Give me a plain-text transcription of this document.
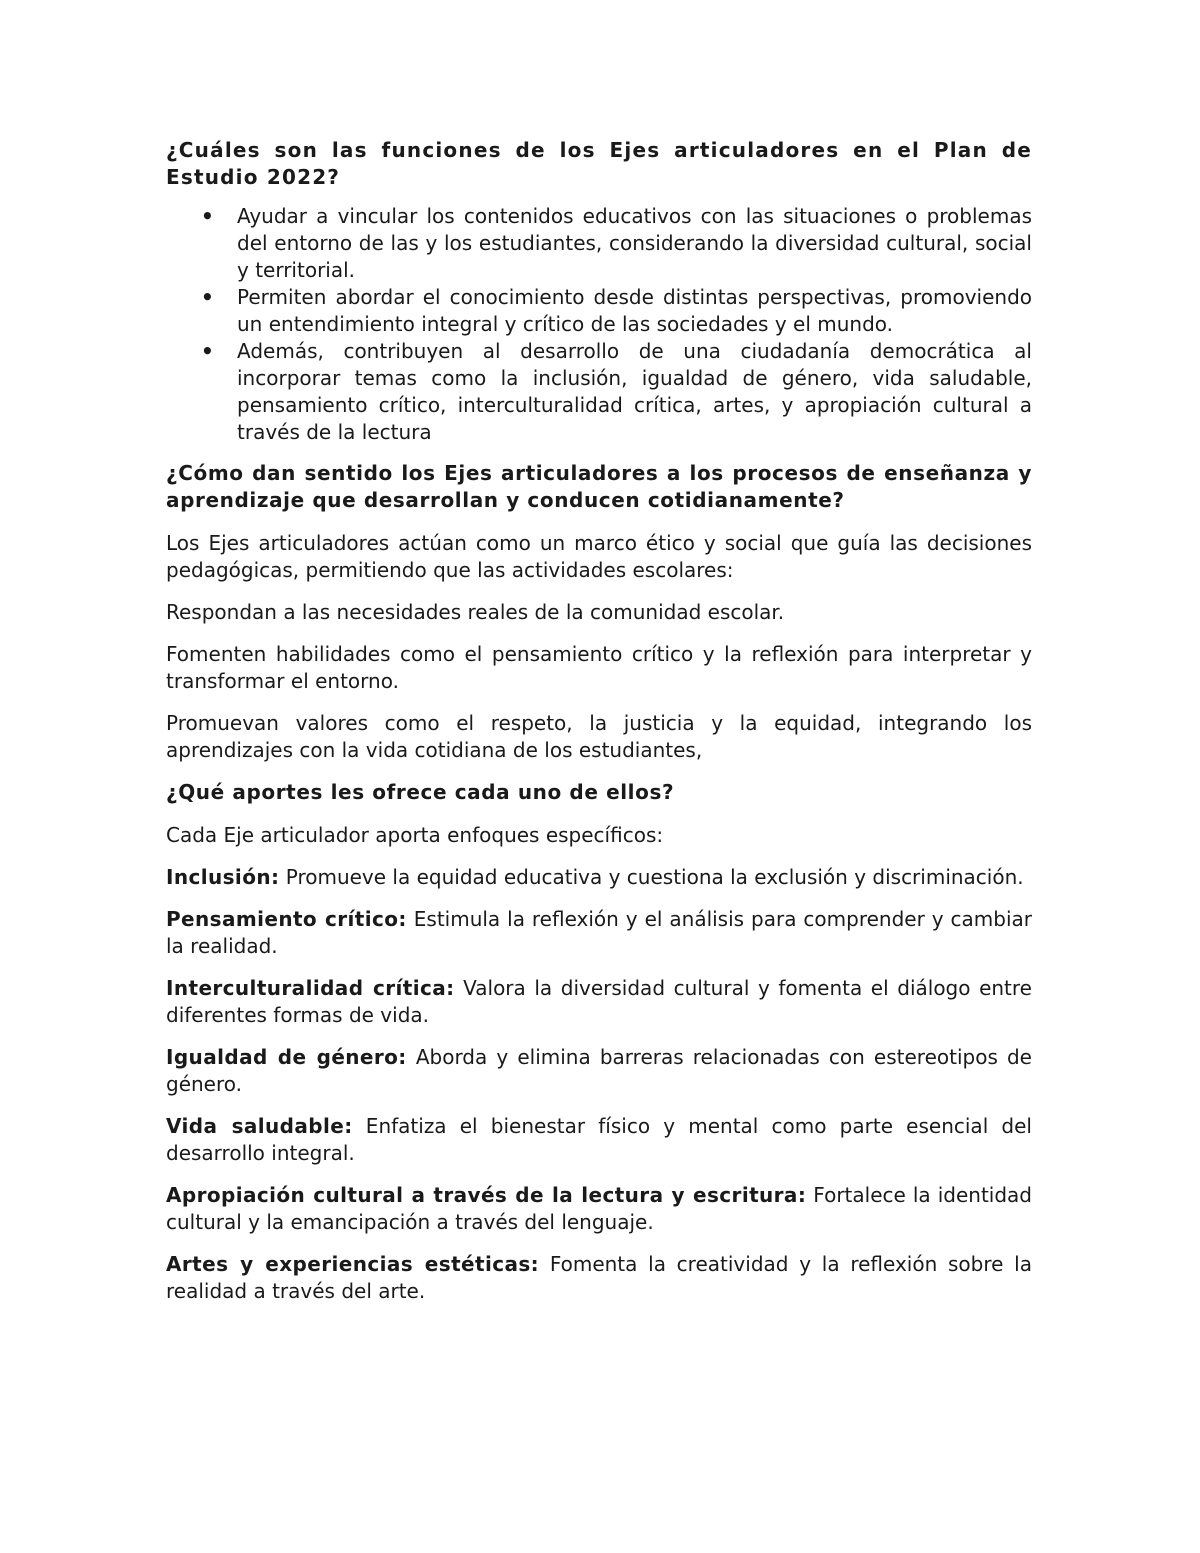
¿Cuáles son las funciones de los Ejes articuladores en el Plan de Estudio 2022?

•	Ayudar a vincular los contenidos educativos con las situaciones o problemas del entorno de las y los estudiantes, considerando la diversidad cultural, social y territorial.
•	Permiten abordar el conocimiento desde distintas perspectivas, promoviendo un entendimiento integral y crítico de las sociedades y el mundo.
•	Además, contribuyen al desarrollo de una ciudadanía democrática al incorporar temas como la inclusión, igualdad de género, vida saludable, pensamiento crítico, interculturalidad crítica, artes, y apropiación cultural a través de la lectura

¿Cómo dan sentido los Ejes articuladores a los procesos de enseñanza y aprendizaje que desarrollan y conducen cotidianamente?

Los Ejes articuladores actúan como un marco ético y social que guía las decisiones pedagógicas, permitiendo que las actividades escolares:

Respondan a las necesidades reales de la comunidad escolar.

Fomenten habilidades como el pensamiento crítico y la reflexión para interpretar y transformar el entorno.

Promuevan valores como el respeto, la justicia y la equidad, integrando los aprendizajes con la vida cotidiana de los estudiantes,

¿Qué aportes les ofrece cada uno de ellos?

Cada Eje articulador aporta enfoques específicos:

Inclusión: Promueve la equidad educativa y cuestiona la exclusión y discriminación.

Pensamiento crítico: Estimula la reflexión y el análisis para comprender y cambiar la realidad.

Interculturalidad crítica: Valora la diversidad cultural y fomenta el diálogo entre diferentes formas de vida.

Igualdad de género: Aborda y elimina barreras relacionadas con estereotipos de género.

Vida saludable: Enfatiza el bienestar físico y mental como parte esencial del desarrollo integral.

Apropiación cultural a través de la lectura y escritura: Fortalece la identidad cultural y la emancipación a través del lenguaje.

Artes y experiencias estéticas: Fomenta la creatividad y la reflexión sobre la realidad a través del arte.
